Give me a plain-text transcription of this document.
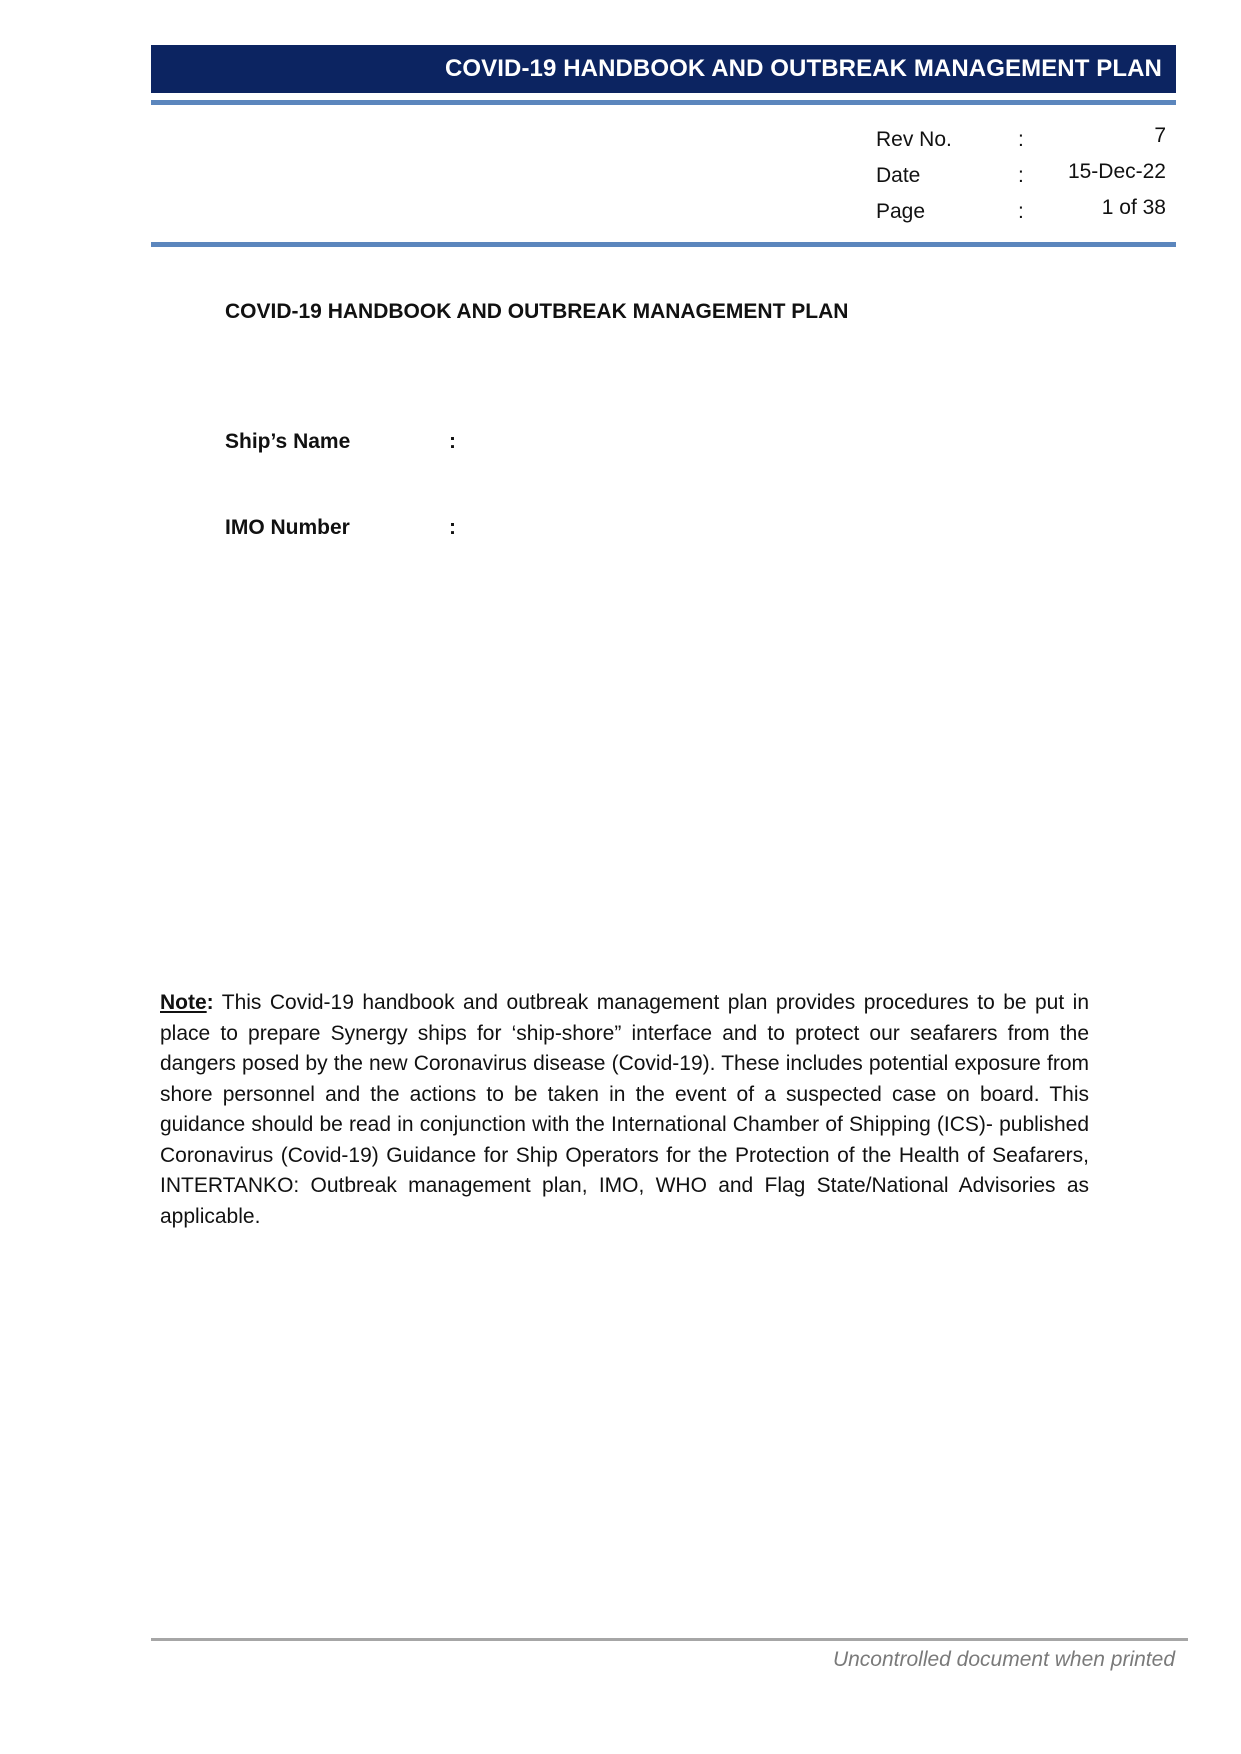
COVID-19 HANDBOOK AND OUTBREAK MANAGEMENT PLAN
Rev No.	:	7
Date	: 15-Dec-22
Page	:	1 of 38
COVID-19 HANDBOOK AND OUTBREAK MANAGEMENT PLAN
Ship’s Name	:
IMO Number	:
Note: This Covid-19 handbook and outbreak management plan provides procedures to be put in place to prepare Synergy ships for ‘ship-shore” interface and to protect our seafarers from the dangers posed by the new Coronavirus disease (Covid-19). These includes potential exposure from shore personnel and the actions to be taken in the event of a suspected case on board. This guidance should be read in conjunction with the International Chamber of Shipping (ICS)- published Coronavirus (Covid-19) Guidance for Ship Operators for the Protection of the Health of Seafarers, INTERTANKO: Outbreak management plan, IMO, WHO and Flag State/National Advisories as applicable.
Uncontrolled document when printed
